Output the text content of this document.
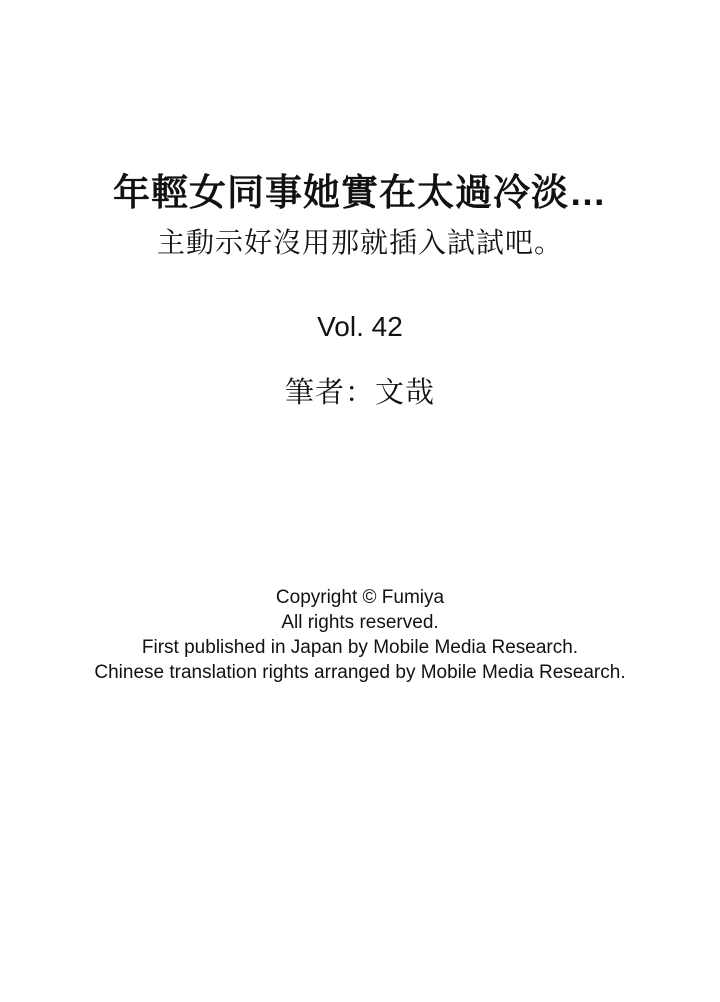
年輕女同事她實在太過冷淡…
主動示好沒用那就插入試試吧。
Vol. 42
筆者：文哉
Copyright © Fumiya
All rights reserved.
First published in Japan by Mobile Media Research.
Chinese translation rights arranged by Mobile Media Research.
